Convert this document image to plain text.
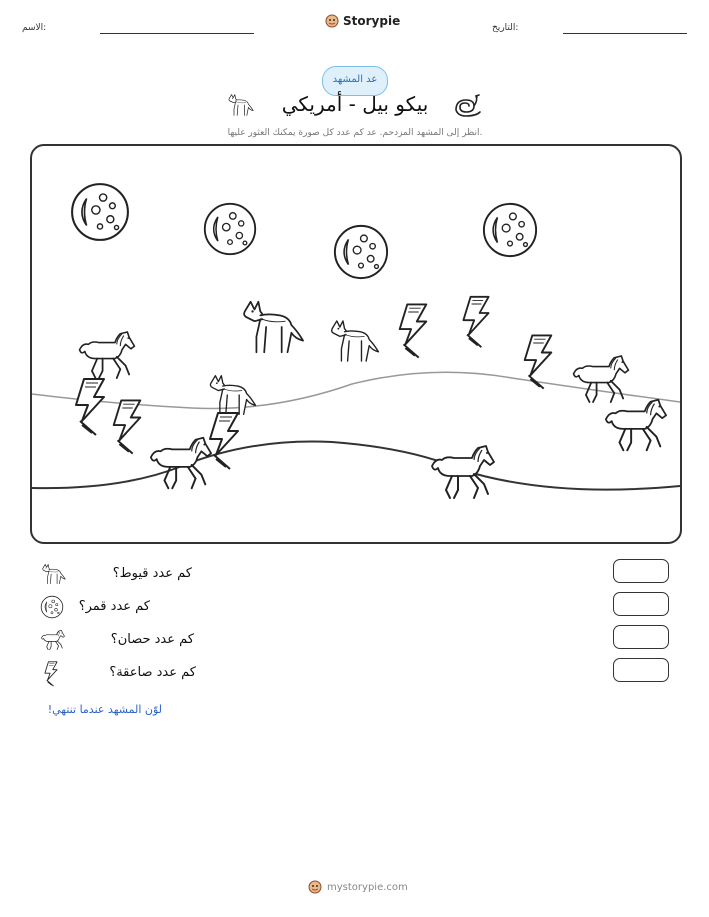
الاسم:	Storypie	التاريخ:
عد المشهد
بيكو بيل - أمريكي
انظر إلى المشهد المزدحم. عد كم عدد كل صورة يمكنك العثور عليها.
كم عدد قيوط؟
كم عدد قمر؟
كم عدد حصان؟
كم عدد صاعقة؟
لوّن المشهد عندما تنتهي!
mystorypie.com
